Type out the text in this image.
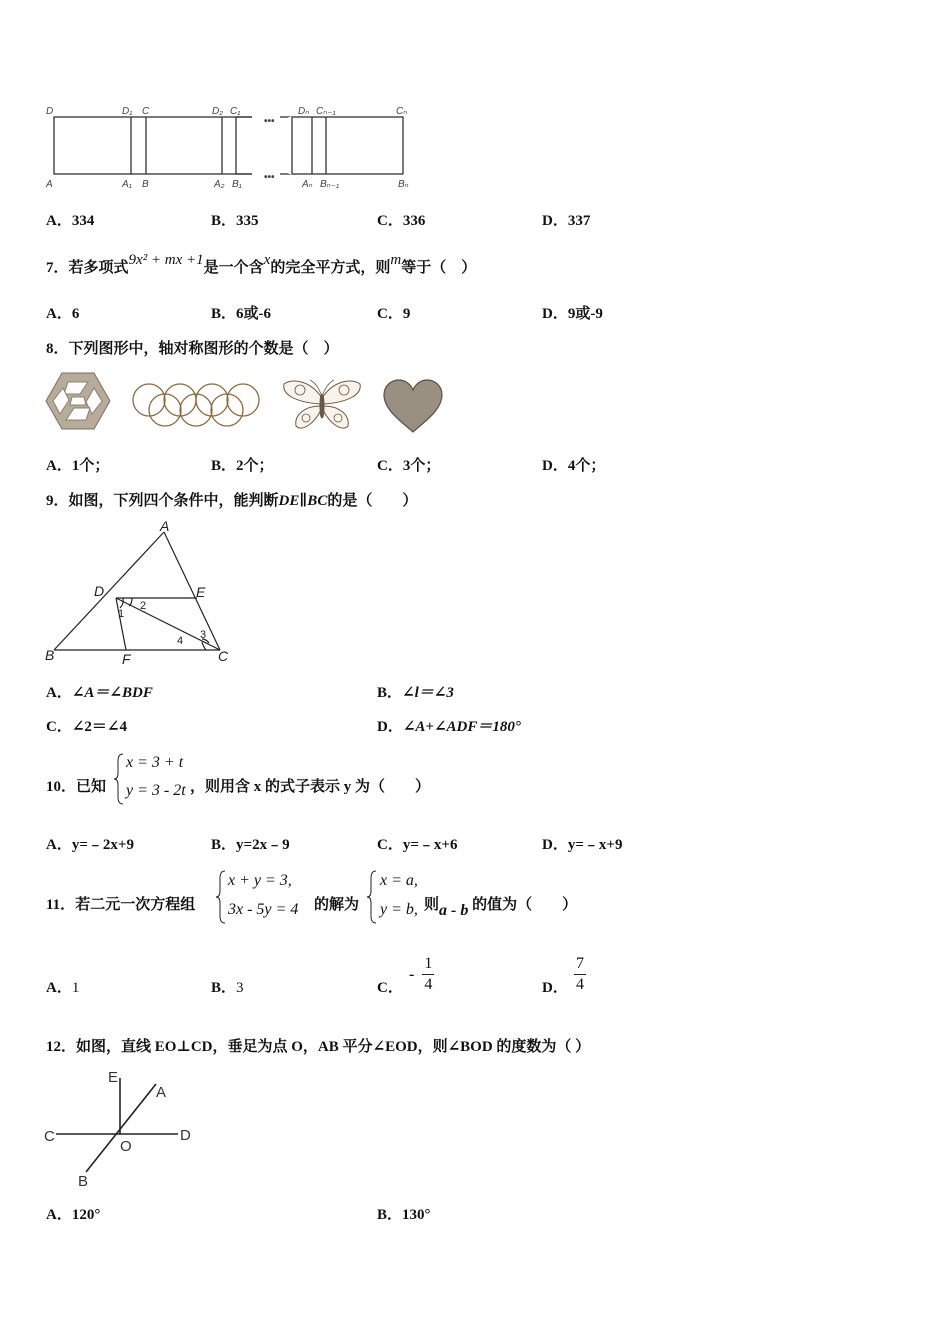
D	D₁ C	D₂ C₁
•••
Dₙ Cₙ₋₁	Cₙ
A	A₁ B	A₂ B₁
•••
Aₙ Bₙ₋₁	Bₙ
A．334	B．335	C．336	D．337
7．若多项式9x² + mx +1是一个含x的完全平方式，则m等于（　）
A．6	B．6或-6	C．9	D．9或-9
8．下列图形中，轴对称图形的个数是（　）
A．1个；	B．2个；	C．3个；	D．4个；
9．如图，下列四个条件中，能判断DE∥BC的是（　　）
A
D	E
B	F	C
1
2
3
4
A．∠A＝∠BDF	B．∠l＝∠3
C．∠2＝∠4	D．∠A+∠ADF＝180°
10．已知
x = 3 + t
y = 3 - 2t ，则用含 x 的式子表示 y 为（　　）
A．y=﹣2x+9	B．y=2x﹣9	C．y=﹣x+6	D．y=﹣x+9
11．若二元一次方程组
x + y = 3,
3x - 5y = 4 的解为
x = a,
y = b, 则a - b 的值为（　　）
A．1	B．3	C．
- $\frac{1}{4}$	D． $\frac{7}{4}$
12．如图，直线 EO⊥CD，垂足为点 O，AB 平分∠EOD，则∠BOD 的度数为（ ）
E
A
C	D
O
B
A．120°	B．130°
